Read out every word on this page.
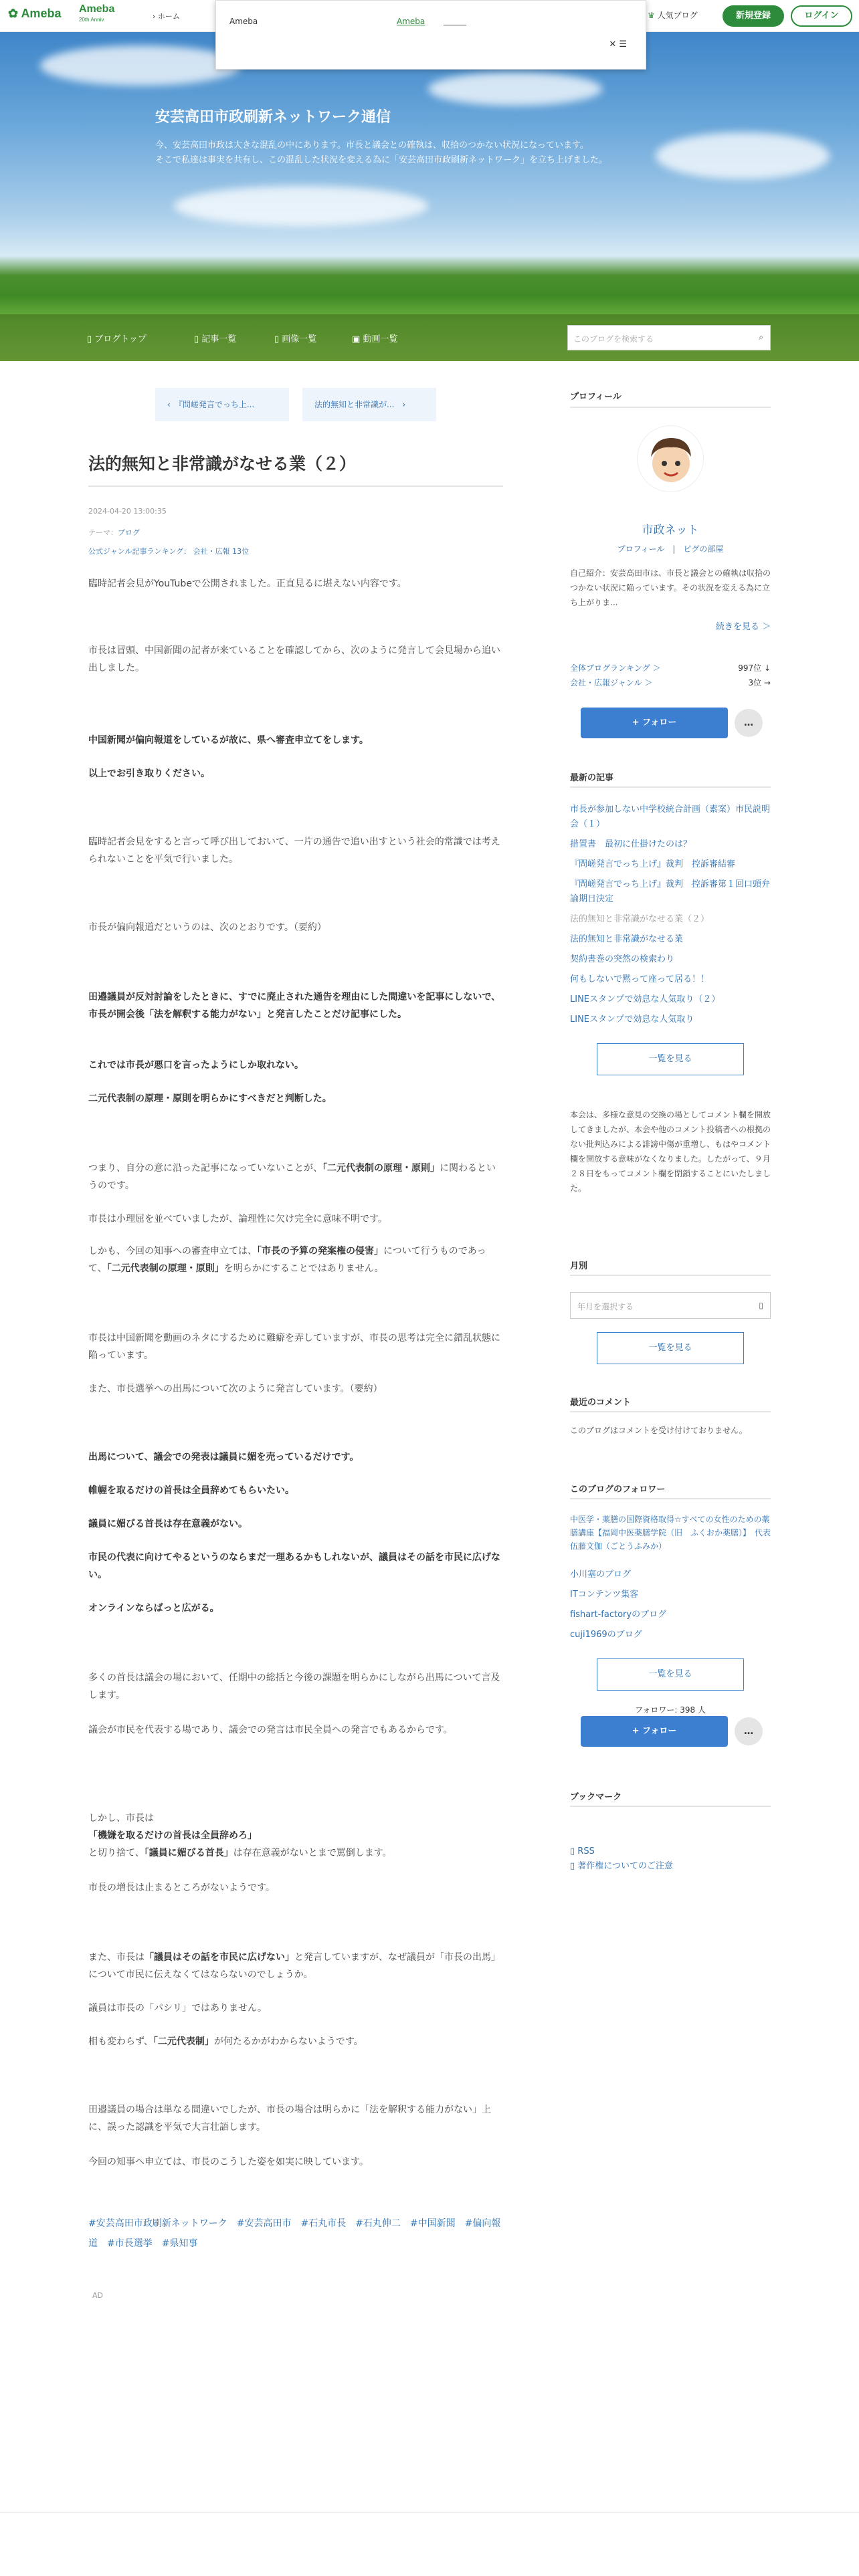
✿ Ameba Ameba
20th Anniv.	› ホーム	♛ 人気ブログ	新規登録	ログイン
Ameba	Ameba
✕ ☰
安芸高田市政刷新ネットワーク通信

今、安芸高田市政は大きな混乱の中にあります。市長と議会との確執は、収拾のつかない状況になっています。

そこで私達は事実を共有し、この混乱した状況を変える為に「安芸高田市政刷新ネットワーク」を立ち上げました。

▯ ブログトップ	▯ 記事一覧	▯ 画像一覧	▣ 動画一覧	このブログを検索する	⌕
‹　 『問嵯発言でっち上...	法的無知と非常識が...　 ›
法的無知と非常識がなせる業（２）
2024-04-20 13:00:35
テーマ：ブログ
公式ジャンル記事ランキング： 会社・広報 13位
臨時記者会見がYouTubeで公開されました。正直見るに堪えない内容です。
市長は冒頭、中国新聞の記者が来ていることを確認してから、次のように発言して会見場から追い出しました。
中国新聞が偏向報道をしているが故に、県へ審査申立てをします。
以上でお引き取りください。
臨時記者会見をすると言って呼び出しておいて、一片の通告で追い出すという社会的常識では考えられないことを平気で行いました。
市長が偏向報道だというのは、次のとおりです。（要約）
田邉議員が反対討論をしたときに、すでに廃止された通告を理由にした間違いを記事にしないで、市長が開会後「法を解釈する能力がない」と発言したことだけ記事にした。
これでは市長が悪口を言ったようにしか取れない。
二元代表制の原理・原則を明らかにすべきだと判断した。
つまり、自分の意に沿った記事になっていないことが、「二元代表制の原理・原則」に関わるというのです。
市長は小理屈を並べていましたが、論理性に欠け完全に意味不明です。
しかも、今回の知事への審査申立ては、「市長の予算の発案権の侵害」について行うものであって、「二元代表制の原理・原則」を明らかにすることではありません。
市長は中国新聞を動画のネタにするために難癖を弄していますが、市長の思考は完全に錯乱状態に陥っています。
また、市長選挙への出馬について次のように発言しています。（要約）
出馬について、議会での発表は議員に媚を売っているだけです。
帷幄を取るだけの首長は全員辞めてもらいたい。
議員に媚びる首長は存在意義がない。
市民の代表に向けてやるというのならまだ一理あるかもしれないが、議員はその話を市民に広げない。
オンラインならばっと広がる。
多くの首長は議会の場において、任期中の総括と今後の課題を明らかにしながら出馬について言及します。
議会が市民を代表する場であり、議会での発言は市民全員への発言でもあるからです。
しかし、市長は
「機嫌を取るだけの首長は全員辞めろ」
と切り捨て、「議員に媚びる首長」は存在意義がないとまで罵倒します。
市長の増長は止まるところがないようです。
また、市長は「議員はその話を市民に広げない」と発言していますが、なぜ議員が「市長の出馬」について市民に伝えなくてはならないのでしょうか。
議員は市長の「パシリ」ではありません。
相も変わらず、「二元代表制」が何たるかがわからないようです。
田邉議員の場合は単なる間違いでしたが、市長の場合は明らかに「法を解釈する能力がない」上に、誤った認識を平気で大言壮語します。
今回の知事へ申立ては、市長のこうした姿を如実に映しています。
#安芸高田市政刷新ネットワーク　#安芸高田市　#石丸市長　#石丸伸二　#中国新聞　#偏向報道　#市長選挙　#県知事
AD
プロフィール
市政ネット
プロフィール　|　ピグの部屋
自己紹介：安芸高田市は、市長と議会との確執は収拾のつかない状況に陥っています。その状況を変える為に立ち上がりま...
続きを見る ＞
全体ブログランキング ＞	997位 ↓
会社・広報ジャンル ＞	3位 →
+ フォロー	…
最新の記事
市長が参加しない中学校統合計画（素案）市民説明会（１）
措置書　最初に仕掛けたのは？
『問嵯発言でっち上げ』裁判　控訴審結審
『問嵯発言でっち上げ』裁判　控訴審第１回口頭弁論期日決定
法的無知と非常識がなせる業（２）
法的無知と非常識がなせる業
契約書巻の突然の検索わり
何もしないで黙って座って居る！！
LINEスタンプで効息な人気取り（２）
LINEスタンプで効息な人気取り
一覧を見る
本会は、多様な意見の交換の場としてコメント欄を開放してきましたが、本会や他のコメント投稿者への根拠のない批判込みによる誹謗中傷が重増し、もはやコメント欄を開放する意味がなくなりました。したがって、９月２８日をもってコメント欄を閉鎖することにいたしました。
月別
年月を選択する	▯
一覧を見る
最近のコメント
このブログはコメントを受け付けておりません。
このブログのフォロワー
中医学・薬膳の国際資格取得☆すべての女性のための薬膳講座【福岡中医薬膳学院（旧　ふくおか薬膳）】　代表　伍藤文伽（ごとうふみか）
小川塞のブログ
ITコンテンツ集客
fishart-factoryのブログ
cuji1969のブログ
一覧を見る
フォロワー: 398 人
+ フォロー	…
ブックマーク
▯ RSS
▯ 著作権についてのご注意
